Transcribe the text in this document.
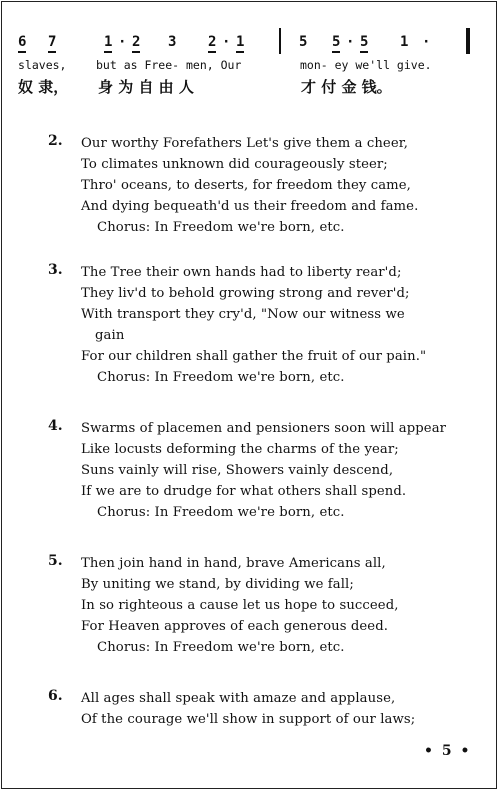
6 7	1 · 2 3 2 · 1	5 5 · 5 1 ·
slaves,	but as Free- men, Our	mon- ey we'll give.
奴 隶， 身 为 自 由 人	才 付 金 钱。
2. Our worthy Forefathers Let's give them a cheer,
To climates unknown did courageously steer;
Thro' oceans, to deserts, for freedom they came,
And dying bequeath'd us their freedom and fame.
Chorus: In Freedom we're born, etc.
3. The Tree their own hands had to liberty rear'd;
They liv'd to behold growing strong and rever'd;
With transport they cry'd, "Now our witness we
gain
For our children shall gather the fruit of our pain."
Chorus: In Freedom we're born, etc.
4. Swarms of placemen and pensioners soon will appear
Like locusts deforming the charms of the year;
Suns vainly will rise, Showers vainly descend,
If we are to drudge for what others shall spend.
Chorus: In Freedom we're born, etc.
5. Then join hand in hand, brave Americans all,
By uniting we stand, by dividing we fall;
In so righteous a cause let us hope to succeed,
For Heaven approves of each generous deed.
Chorus: In Freedom we're born, etc.
6. All ages shall speak with amaze and applause,
Of the courage we'll show in support of our laws;
• 5 •
